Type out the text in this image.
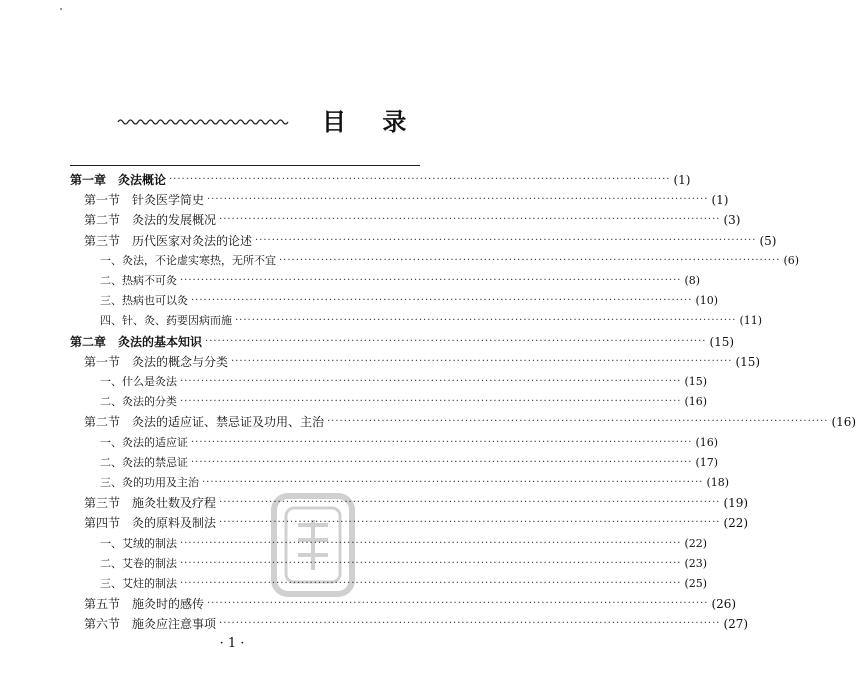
目 录
第一章　灸法概论 ························································································································ (1)
第一节　针灸医学简史 ························································································································ (1)
第二节　灸法的发展概况 ························································································································ (3)
第三节　历代医家对灸法的论述 ························································································································ (5)
一、灸法，不论虚实寒热，无所不宜 ························································································································ (6)
二、热病不可灸 ························································································································ (8)
三、热病也可以灸 ························································································································ (10)
四、针、灸、药要因病而施 ························································································································ (11)
第二章　灸法的基本知识 ························································································································ (15)
第一节　灸法的概念与分类 ························································································································ (15)
一、什么是灸法 ························································································································ (15)
二、灸法的分类 ························································································································ (16)
第二节　灸法的适应证、禁忌证及功用、主治 ························································································································ (16)
一、灸法的适应证 ························································································································ (16)
二、灸法的禁忌证 ························································································································ (17)
三、灸的功用及主治 ························································································································ (18)
第三节　施灸壮数及疗程 ························································································································ (19)
第四节　灸的原料及制法 ························································································································ (22)
一、艾绒的制法 ························································································································ (22)
二、艾卷的制法 ························································································································ (23)
三、艾炷的制法 ························································································································ (25)
第五节　施灸时的感传 ························································································································ (26)
第六节　施灸应注意事项 ························································································································ (27)
· 1 ·
